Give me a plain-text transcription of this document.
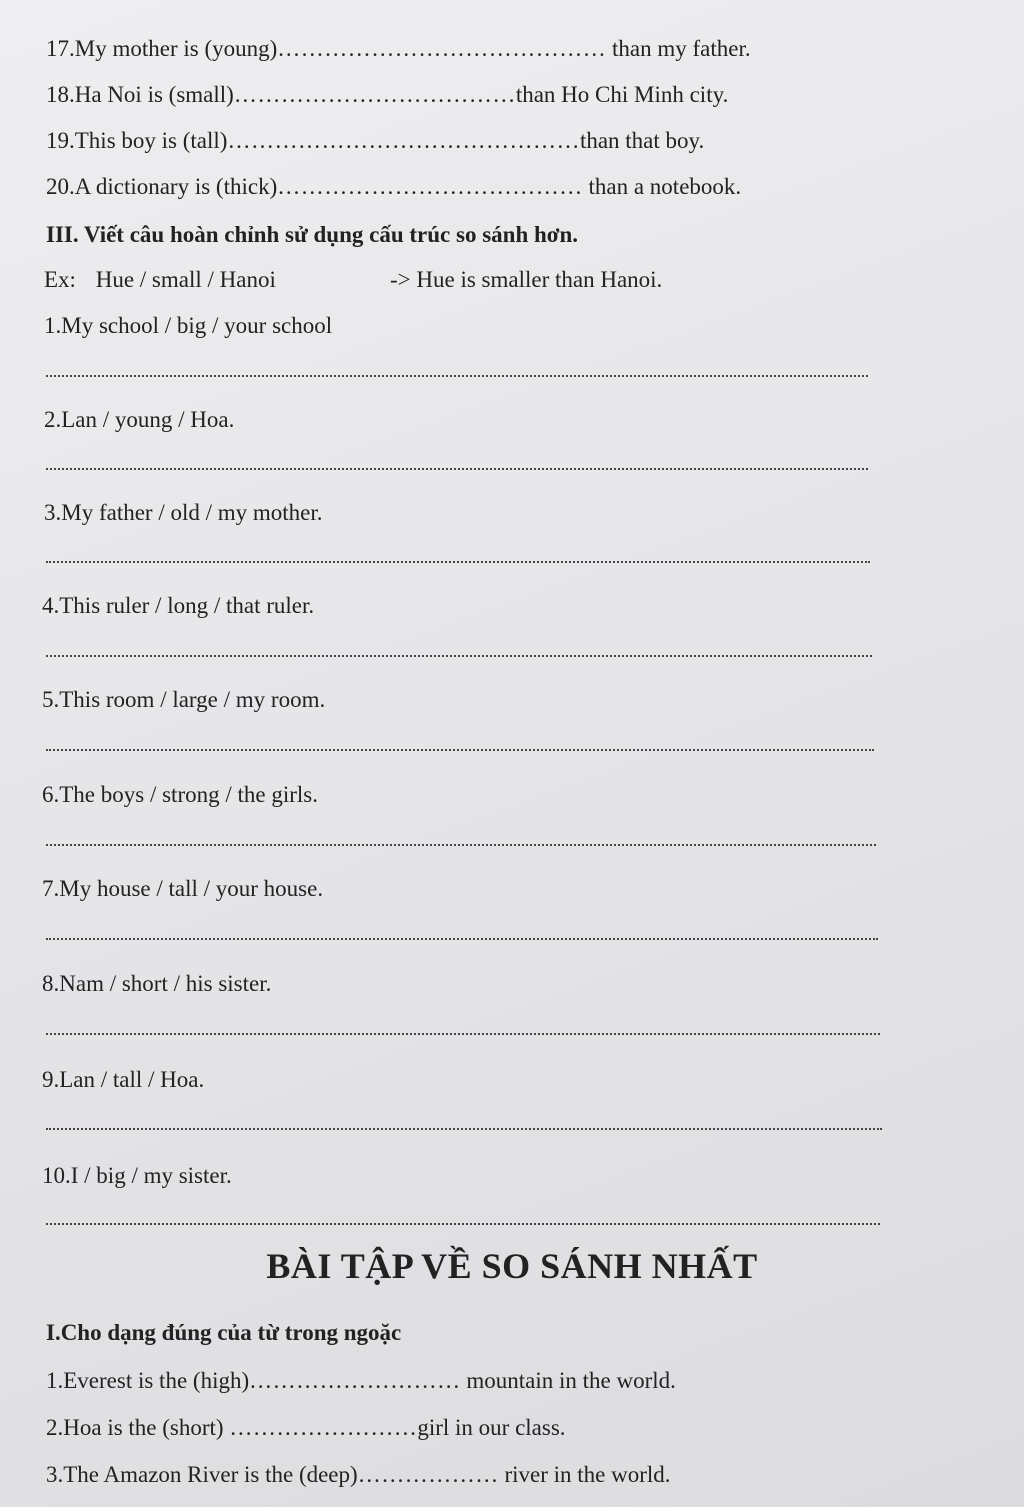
17.My mother is (young)…………………………………… than my father.
18.Ha Noi is (small)………………………………than Ho Chi Minh city.
19.This boy is (tall)………………………………………than that boy.
20.A dictionary is (thick)………………………………… than a notebook.
III. Viết câu hoàn chỉnh sử dụng cấu trúc so sánh hơn.
Ex: Hue / small / Hanoi	-> Hue is smaller than Hanoi.
1.My school / big / your school
2.Lan / young / Hoa.
3.My father / old / my mother.
4.This ruler / long / that ruler.
5.This room / large / my room.
6.The boys / strong / the girls.
7.My house / tall / your house.
8.Nam / short / his sister.
9.Lan / tall / Hoa.
10.I / big / my sister.
BÀI TẬP VỀ SO SÁNH NHẤT
I.Cho dạng đúng của từ trong ngoặc
1.Everest is the (high)……………………… mountain in the world.
2.Hoa is the (short) ……………………girl in our class.
3.The Amazon River is the (deep)……………… river in the world.
